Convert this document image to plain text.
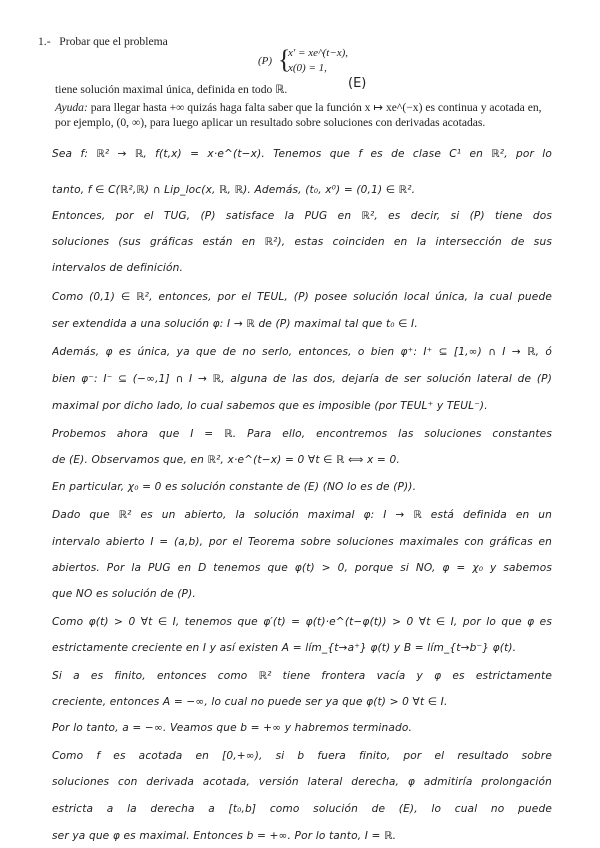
1.- Probar que el problema
(P) {
x′ = xe^(t−x),
x(0) = 1,
(E)
tiene solución maximal única, definida en todo ℝ.
Ayuda: para llegar hasta +∞ quizás haga falta saber que la función x ↦ xe^(−x) es continua y acotada en, por ejemplo, (0, ∞), para luego aplicar un resultado sobre soluciones con derivadas acotadas.
Sea f: ℝ² → ℝ, f(t,x) = x·e^(t−x). Tenemos que f es de clase C¹ en ℝ², por lo
tanto, f ∈ C(ℝ²,ℝ) ∩ Lip_loc(x, ℝ, ℝ). Además, (t₀, x⁰) = (0,1) ∈ ℝ².
Entonces, por el TUG, (P) satisface la PUG en ℝ², es decir, si (P) tiene dos
soluciones (sus gráficas están en ℝ²), estas coinciden en la intersección de sus
intervalos de definición.
Como (0,1) ∈ ℝ², entonces, por el TEUL, (P) posee solución local única, la cual puede
ser extendida a una solución φ: I → ℝ de (P) maximal tal que t₀ ∈ İ.
Además, φ es única, ya que de no serlo, entonces, o bien φ⁺: I⁺ ⊆ [1,∞) ∩ I → ℝ, ó
bien φ⁻: I⁻ ⊆ (−∞,1] ∩ I → ℝ, alguna de las dos, dejaría de ser solución lateral de (P)
maximal por dicho lado, lo cual sabemos que es imposible (por TEUL⁺ y TEUL⁻).
Probemos ahora que I = ℝ. Para ello, encontremos las soluciones constantes
de (E). Observamos que, en ℝ², x·e^(t−x) = 0 ∀t ∈ ℝ ⟺ x = 0.
En particular, χ₀ = 0 es solución constante de (E) (NO lo es de (P)).
Dado que ℝ² es un abierto, la solución maximal φ: I → ℝ está definida en un
intervalo abierto I = (a,b), por el Teorema sobre soluciones maximales con gráficas en
abiertos. Por la PUG en D tenemos que φ(t) > 0, porque si NO, φ = χ₀ y sabemos
que NO es solución de (P).
Como φ(t) > 0 ∀t ∈ I, tenemos que φ′(t) = φ(t)·e^(t−φ(t)) > 0 ∀t ∈ I, por lo que φ es
estrictamente creciente en I y así existen A = lím_{t→a⁺} φ(t) y B = lím_{t→b⁻} φ(t).
Si a es finito, entonces como ℝ² tiene frontera vacía y φ es estrictamente
creciente, entonces A = −∞, lo cual no puede ser ya que φ(t) > 0 ∀t ∈ I.
Por lo tanto, a = −∞. Veamos que b = +∞ y habremos terminado.
Como f es acotada en [0,+∞), si b fuera finito, por el resultado sobre
soluciones con derivada acotada, versión lateral derecha, φ admitiría prolongación
estricta a la derecha a [t₀,b] como solución de (E), lo cual no puede
ser ya que φ es maximal. Entonces b = +∞. Por lo tanto, I = ℝ.
